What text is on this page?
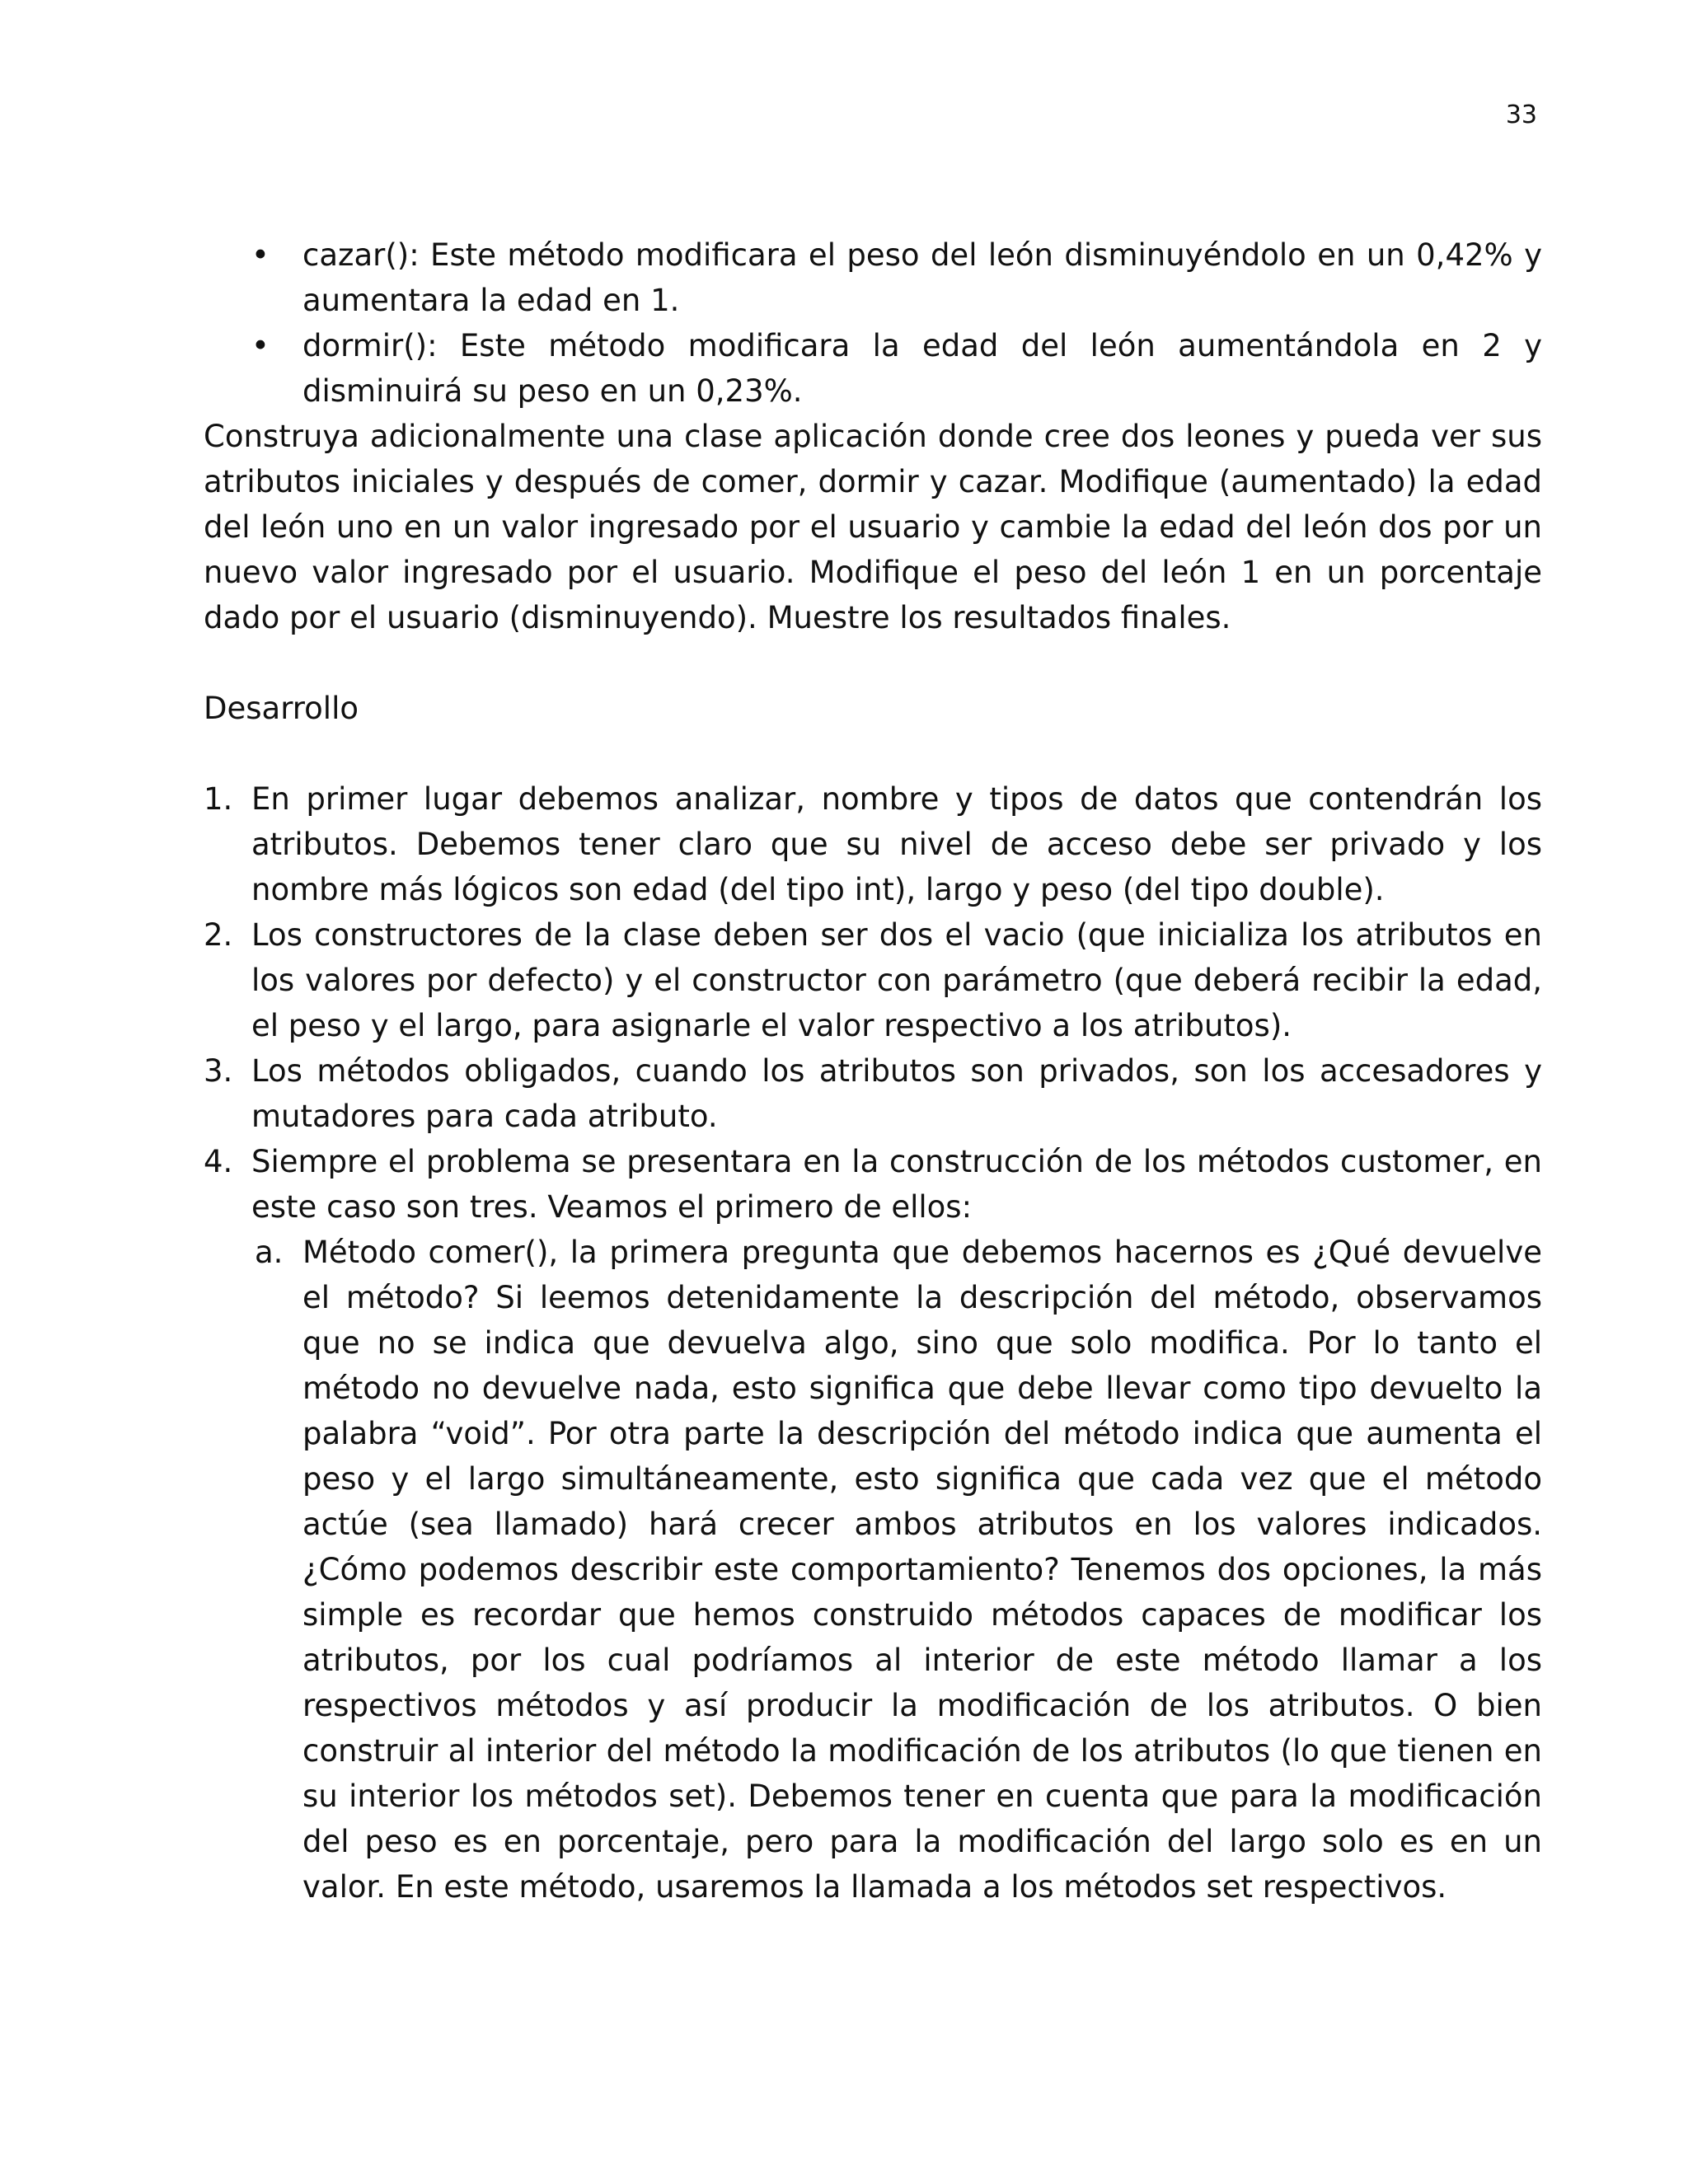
33
• cazar(): Este método modificara el peso del león disminuyéndolo en un 0,42% y aumentara la edad en 1.
• dormir(): Este método modificara la edad del león aumentándola en 2 y disminuirá su peso en un 0,23%.

Construya adicionalmente una clase aplicación donde cree dos leones y pueda ver sus atributos iniciales y después de comer, dormir y cazar. Modifique (aumentado) la edad del león uno en un valor ingresado por el usuario y cambie la edad del león dos por un nuevo valor ingresado por el usuario. Modifique el peso del león 1 en un porcentaje dado por el usuario (disminuyendo). Muestre los resultados finales.

Desarrollo

1. En primer lugar debemos analizar, nombre y tipos de datos que contendrán los atributos. Debemos tener claro que su nivel de acceso debe ser privado y los nombre más lógicos son edad (del tipo int), largo y peso (del tipo double).
2. Los constructores de la clase deben ser dos el vacio (que inicializa los atributos en los valores por defecto) y el constructor con parámetro (que deberá recibir la edad, el peso y el largo, para asignarle el valor respectivo a los atributos).
3. Los métodos obligados, cuando los atributos son privados, son los accesadores y mutadores para cada atributo.
4. Siempre el problema se presentara en la construcción de los métodos customer, en este caso son tres. Veamos el primero de ellos:
a. Método comer(), la primera pregunta que debemos hacernos es ¿Qué devuelve el método? Si leemos detenidamente la descripción del método, observamos que no se indica que devuelva algo, sino que solo modifica. Por lo tanto el método no devuelve nada, esto significa que debe llevar como tipo devuelto la palabra “void”. Por otra parte la descripción del método indica que aumenta el peso y el largo simultáneamente, esto significa que cada vez que el método actúe (sea llamado) hará crecer ambos atributos en los valores indicados. ¿Cómo podemos describir este comportamiento? Tenemos dos opciones, la más simple es recordar que hemos construido métodos capaces de modificar los atributos, por los cual podríamos al interior de este método llamar a los respectivos métodos y así producir la modificación de los atributos. O bien construir al interior del método la modificación de los atributos (lo que tienen en su interior los métodos set). Debemos tener en cuenta que para la modificación del peso es en porcentaje, pero para la modificación del largo solo es en un valor. En este método, usaremos la llamada a los métodos set respectivos.
